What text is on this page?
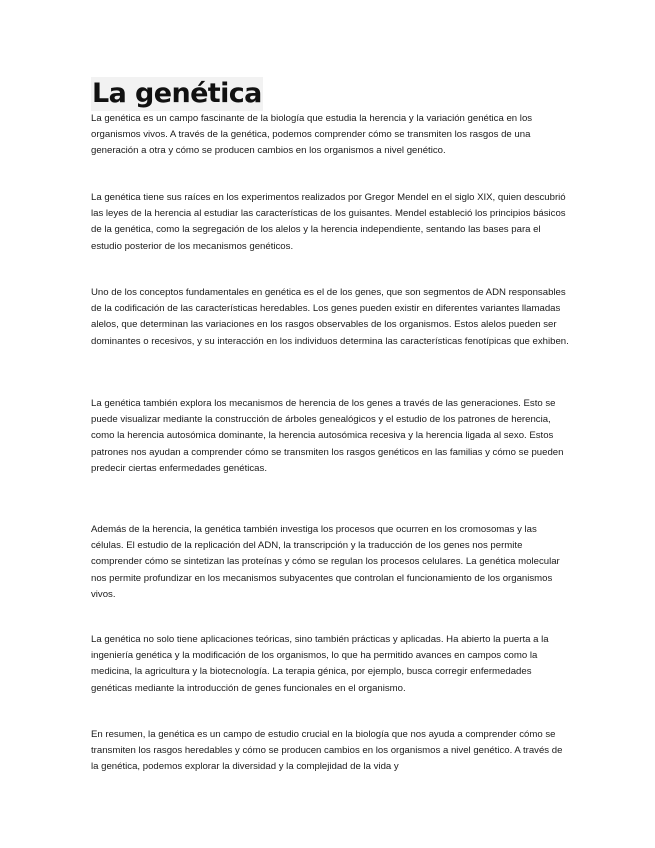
La genética

La genética es un campo fascinante de la biología que estudia la herencia y la variación genética en los organismos vivos. A través de la genética, podemos comprender cómo se transmiten los rasgos de una generación a otra y cómo se producen cambios en los organismos a nivel genético.

La genética tiene sus raíces en los experimentos realizados por Gregor Mendel en el siglo XIX, quien descubrió las leyes de la herencia al estudiar las características de los guisantes. Mendel estableció los principios básicos de la genética, como la segregación de los alelos y la herencia independiente, sentando las bases para el estudio posterior de los mecanismos genéticos.

Uno de los conceptos fundamentales en genética es el de los genes, que son segmentos de ADN responsables de la codificación de las características heredables. Los genes pueden existir en diferentes variantes llamadas alelos, que determinan las variaciones en los rasgos observables de los organismos. Estos alelos pueden ser dominantes o recesivos, y su interacción en los individuos determina las características fenotípicas que exhiben.

La genética también explora los mecanismos de herencia de los genes a través de las generaciones. Esto se puede visualizar mediante la construcción de árboles genealógicos y el estudio de los patrones de herencia, como la herencia autosómica dominante, la herencia autosómica recesiva y la herencia ligada al sexo. Estos patrones nos ayudan a comprender cómo se transmiten los rasgos genéticos en las familias y cómo se pueden predecir ciertas enfermedades genéticas.

Además de la herencia, la genética también investiga los procesos que ocurren en los cromosomas y las células. El estudio de la replicación del ADN, la transcripción y la traducción de los genes nos permite comprender cómo se sintetizan las proteínas y cómo se regulan los procesos celulares. La genética molecular nos permite profundizar en los mecanismos subyacentes que controlan el funcionamiento de los organismos vivos.

La genética no solo tiene aplicaciones teóricas, sino también prácticas y aplicadas. Ha abierto la puerta a la ingeniería genética y la modificación de los organismos, lo que ha permitido avances en campos como la medicina, la agricultura y la biotecnología. La terapia génica, por ejemplo, busca corregir enfermedades genéticas mediante la introducción de genes funcionales en el organismo.

En resumen, la genética es un campo de estudio crucial en la biología que nos ayuda a comprender cómo se transmiten los rasgos heredables y cómo se producen cambios en los organismos a nivel genético. A través de la genética, podemos explorar la diversidad y la complejidad de la vida y
